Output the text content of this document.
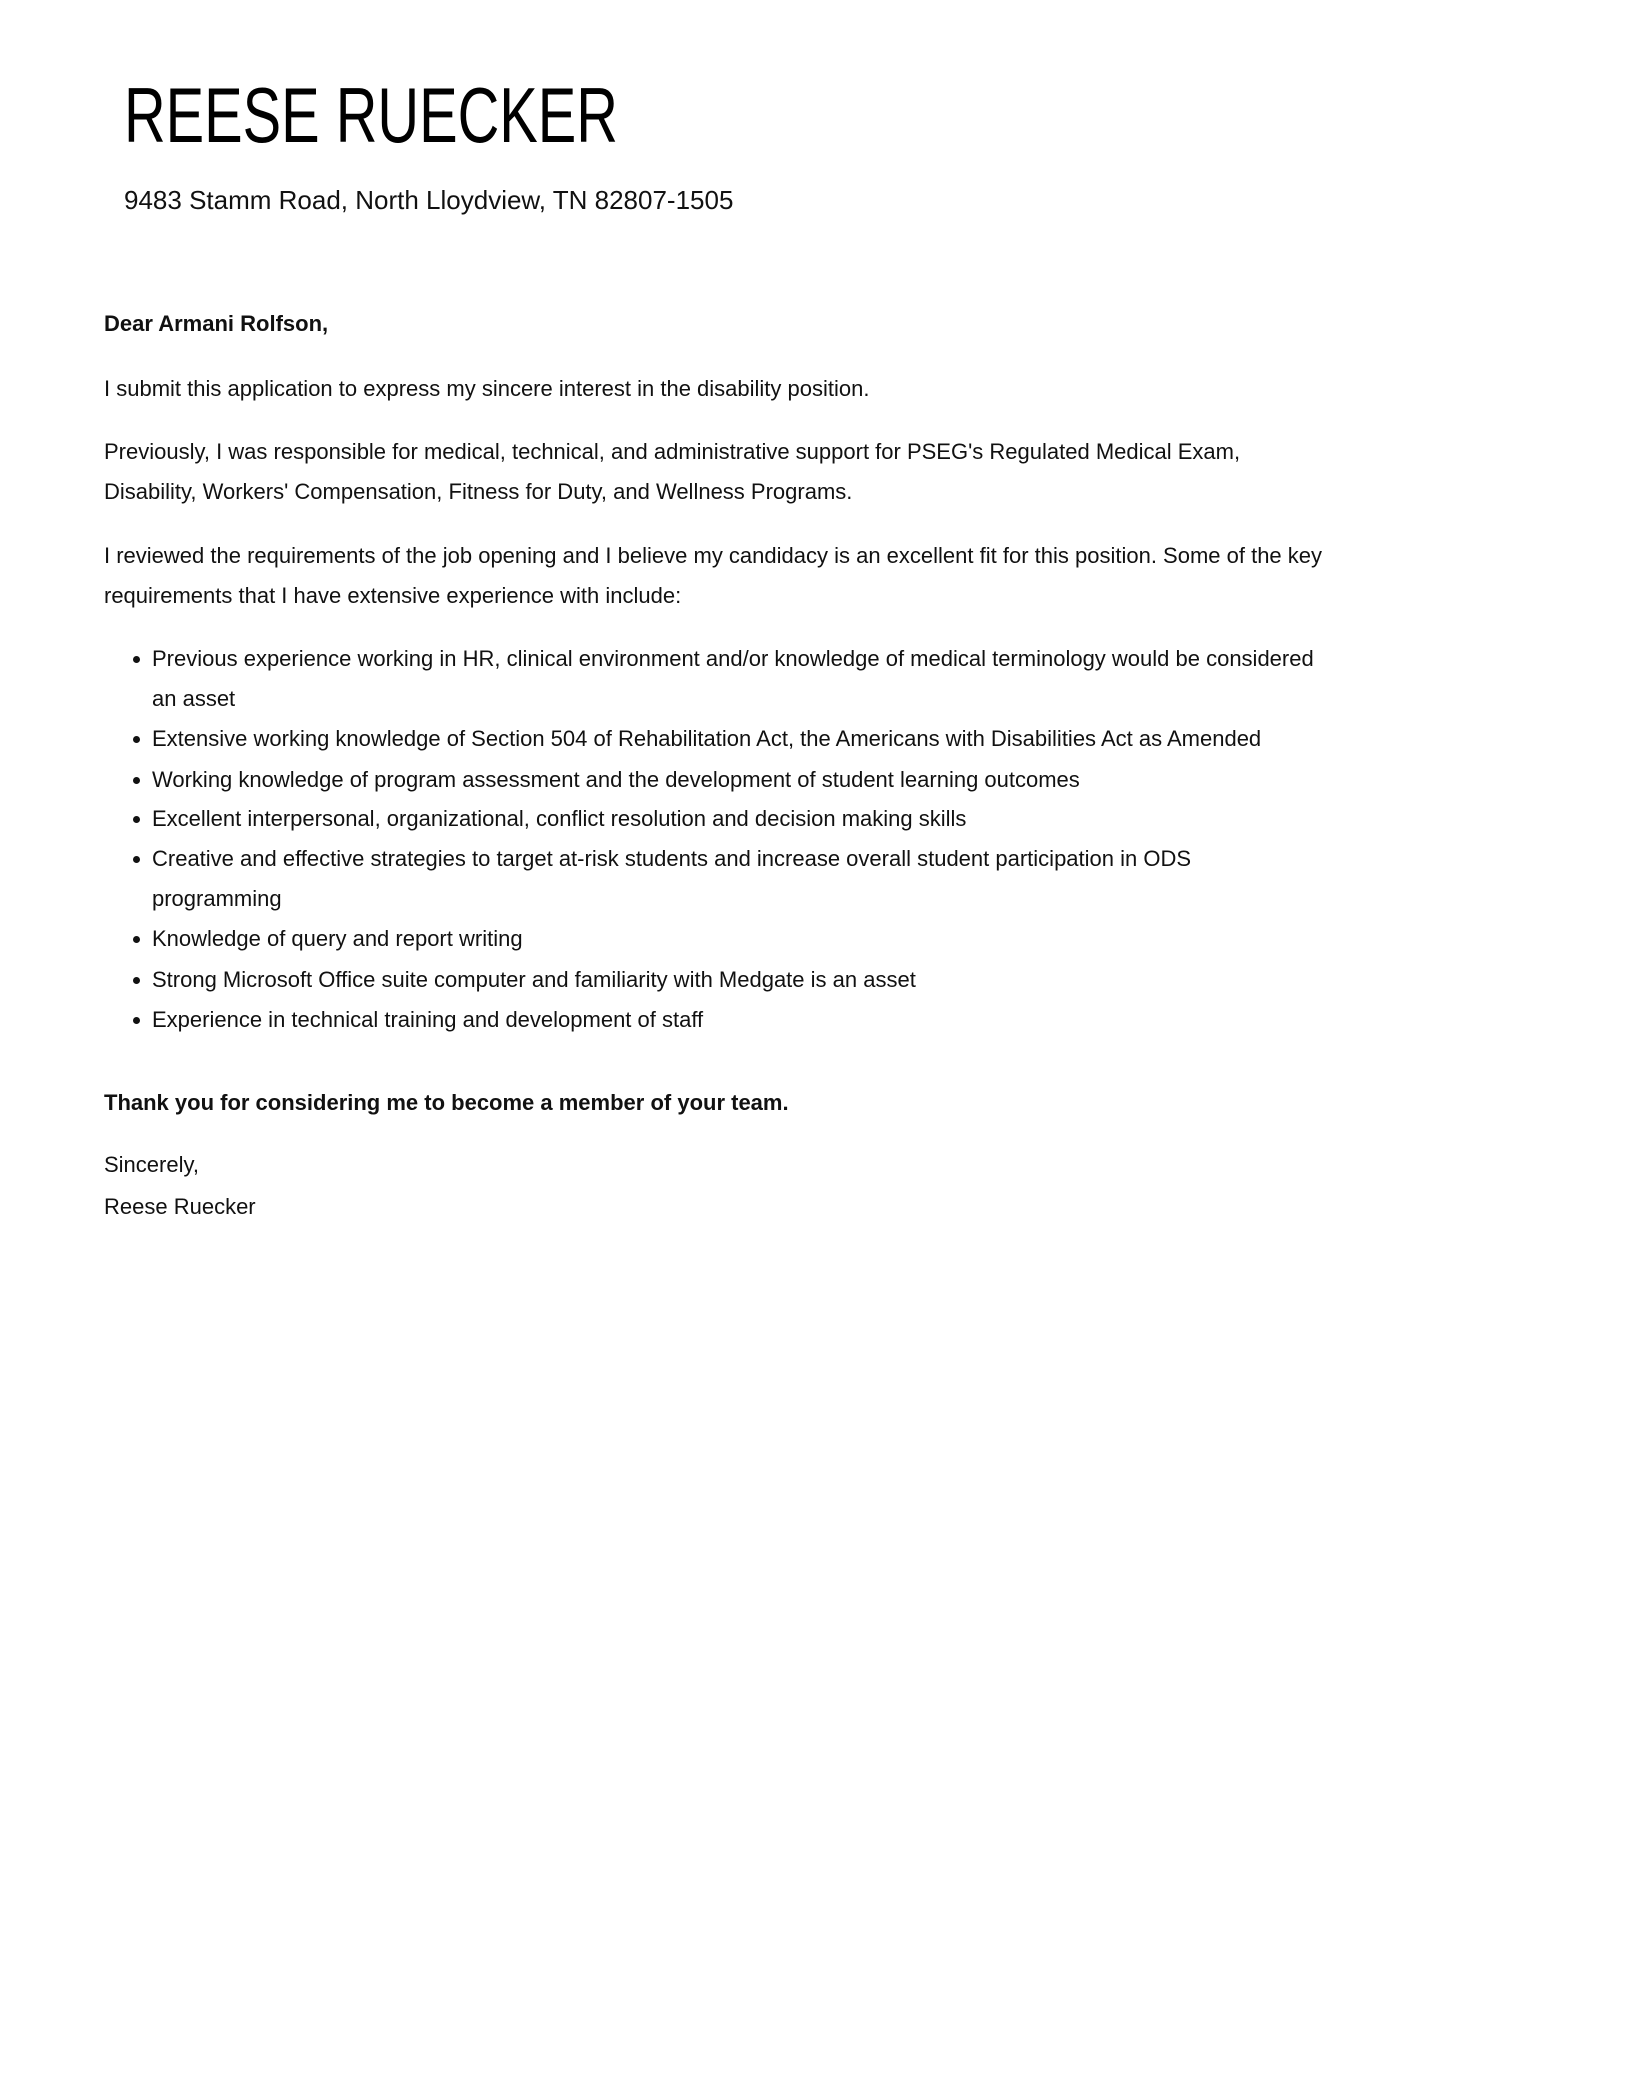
REESE RUECKER
9483 Stamm Road, North Lloydview, TN 82807-1505
Dear Armani Rolfson,
I submit this application to express my sincere interest in the disability position.
Previously, I was responsible for medical, technical, and administrative support for PSEG's Regulated Medical Exam,
Disability, Workers' Compensation, Fitness for Duty, and Wellness Programs.
I reviewed the requirements of the job opening and I believe my candidacy is an excellent fit for this position. Some of the key
requirements that I have extensive experience with include:
Previous experience working in HR, clinical environment and/or knowledge of medical terminology would be considered
an asset
Extensive working knowledge of Section 504 of Rehabilitation Act, the Americans with Disabilities Act as Amended
Working knowledge of program assessment and the development of student learning outcomes
Excellent interpersonal, organizational, conflict resolution and decision making skills
Creative and effective strategies to target at-risk students and increase overall student participation in ODS
programming
Knowledge of query and report writing
Strong Microsoft Office suite computer and familiarity with Medgate is an asset
Experience in technical training and development of staff
Thank you for considering me to become a member of your team.
Sincerely,
Reese Ruecker
